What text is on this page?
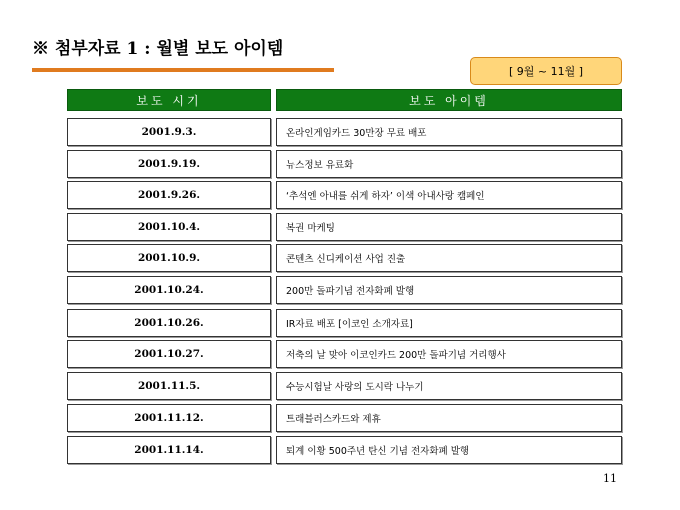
※ 첨부자료 1 : 월별 보도 아이템
[ 9월 ~ 11월 ]
보도 시기	보도 아이템
2001.9.3.	온라인게임카드 30만장 무료 배포
2001.9.19.	뉴스정보 유료화
2001.9.26.	‘추석엔 아내를 쉬게 하자’ 이색 아내사랑 캠페인
2001.10.4.	복권 마케팅
2001.10.9.	콘텐츠 신디케이션 사업 진출
2001.10.24.	200만 돌파기념 전자화폐 발행
2001.10.26.	IR자료 배포 [이코인 소개자료]
2001.10.27.	저축의 날 맞아 이코인카드 200만 돌파기념 거리행사
2001.11.5.	수능시험날 사랑의 도시락 나누기
2001.11.12.	트래블러스카드와 제휴
2001.11.14.	퇴계 이황 500주년 탄신 기념 전자화폐 발행
11
